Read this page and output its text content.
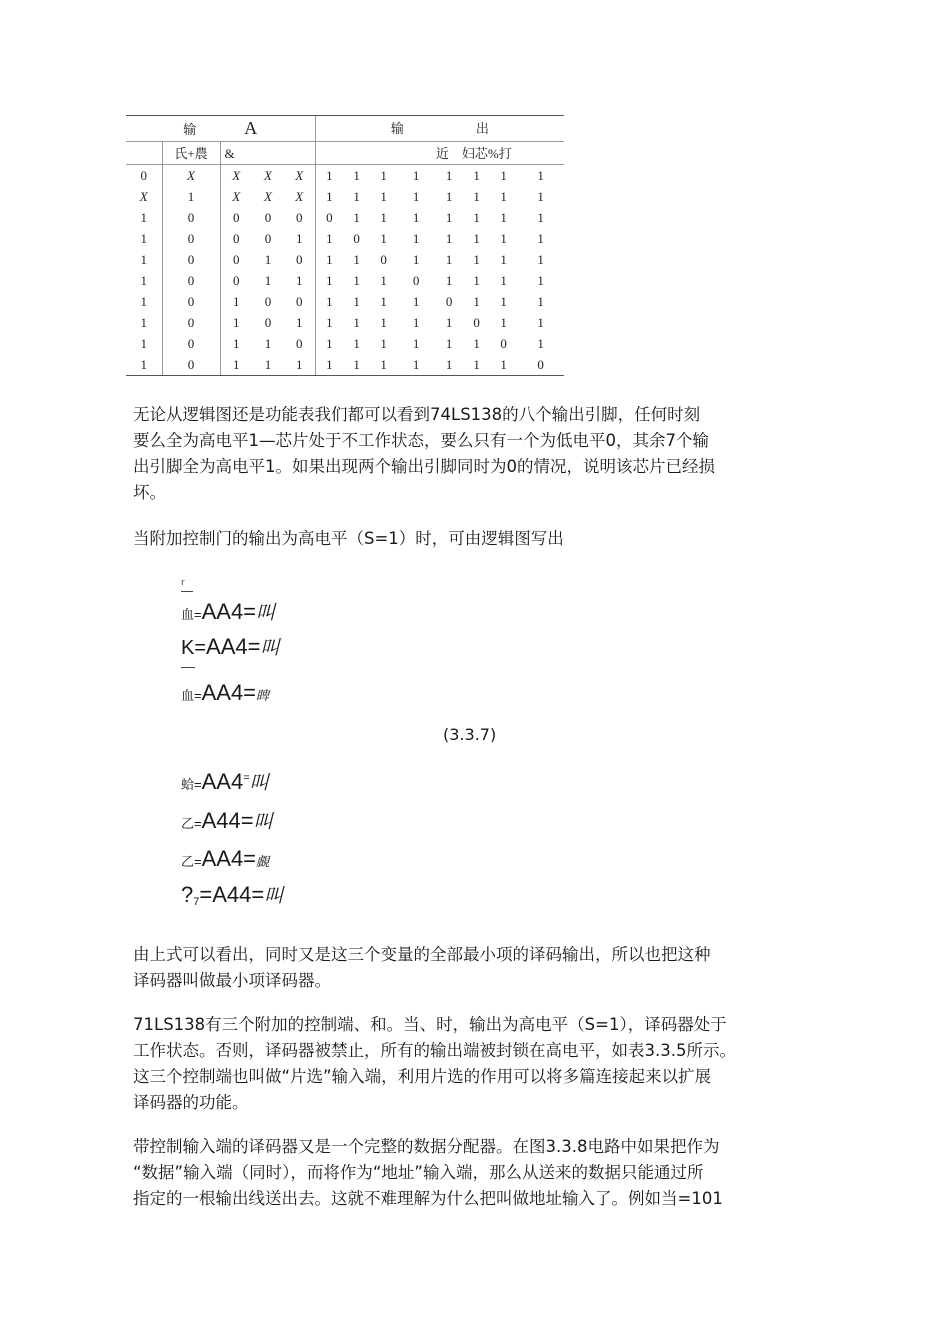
输 A					输 出							
	氏+農	&			近　妇芯%打							
0	X	X	X	X	1	1	1	1	1	1	1	1
X	1	X	X	X	1	1	1	1	1	1	1	1
1	0	0	0	0	0	1	1	1	1	1	1	1
1	0	0	0	1	1	0	1	1	1	1	1	1
1	0	0	1	0	1	1	0	1	1	1	1	1
1	0	0	1	1	1	1	1	0	1	1	1	1
1	0	1	0	0	1	1	1	1	0	1	1	1
1	0	1	0	1	1	1	1	1	1	0	1	1
1	0	1	1	0	1	1	1	1	1	1	0	1
1	0	1	1	1	1	1	1	1	1	1	1	0
无论从逻辑图还是功能表我们都可以看到74LS138的八个输出引脚，任何时刻
要么全为高电平1—芯片处于不工作状态，要么只有一个为低电平0，其余7个输
出引脚全为高电平1。如果出现两个输出引脚同时为0的情况，说明该芯片已经损
坏。
当附加控制门的输出为高电平（S=1）时，可由逻辑图写出
r
血=AA4=叫
K=AA4=叫
血=AA4=睥
(3.3.7)
蛤=AA4=叫
乙=A44=叫
乙=AA4=覰
$?_7=A44=$叫
由上式可以看出，同时又是这三个变量的全部最小项的译码输出，所以也把这种
译码器叫做最小项译码器。
71LS138有三个附加的控制端、和。当、时，输出为高电平（S=1），译码器处于
工作状态。否则，译码器被禁止，所有的输出端被封锁在高电平，如表3.3.5所示。
这三个控制端也叫做“片选”输入端，利用片选的作用可以将多篇连接起来以扩展
译码器的功能。
带控制输入端的译码器又是一个完整的数据分配器。在图3.3.8电路中如果把作为
“数据”输入端（同时），而将作为“地址”输入端，那么从送来的数据只能通过所
指定的一根输出线送出去。这就不难理解为什么把叫做地址输入了。例如当=101
